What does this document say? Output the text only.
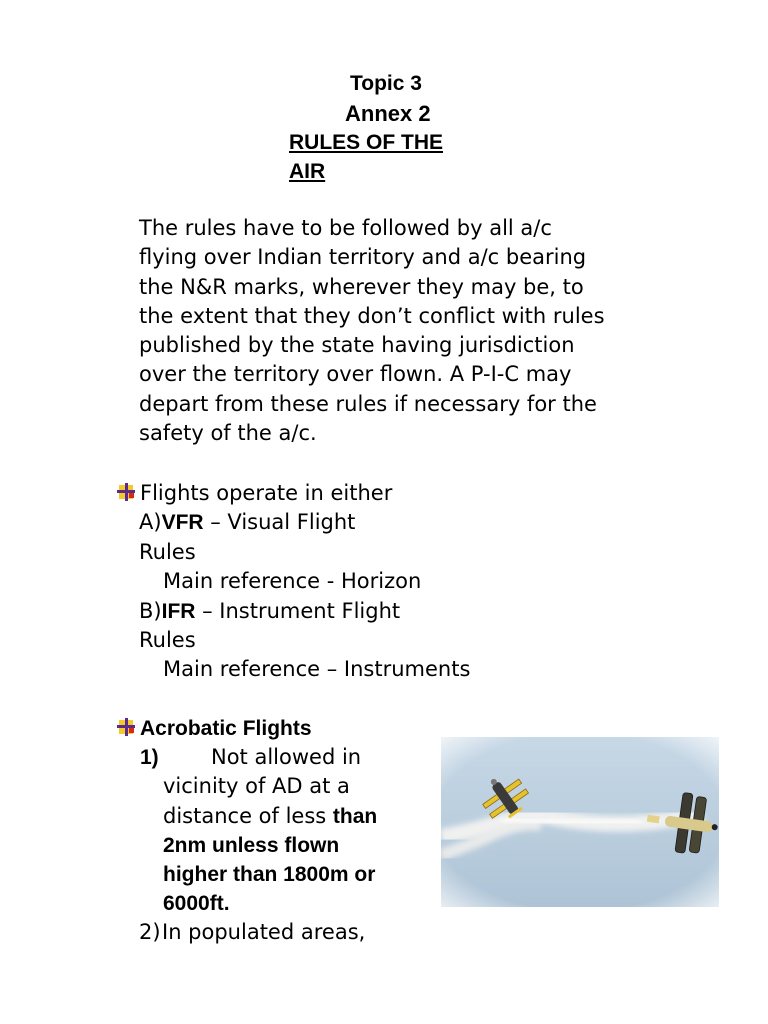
Topic 3
Annex 2
RULES OF THE
AIR
The rules have to be followed by all a/c
flying over Indian territory and a/c bearing
the N&R marks, wherever they may be, to
the extent that they don’t conflict with rules
published by the state having jurisdiction
over the territory over flown. A P-I-C may
depart from these rules if necessary for the
safety of the a/c.
Flights operate in either
A)VFR – Visual Flight
Rules
Main reference - Horizon
B)IFR – Instrument Flight
Rules
Main reference – Instruments
Acrobatic Flights
1) Not allowed in
vicinity of AD at a
distance of less than
2nm unless flown
higher than 1800m or
6000ft.
2) In populated areas,
